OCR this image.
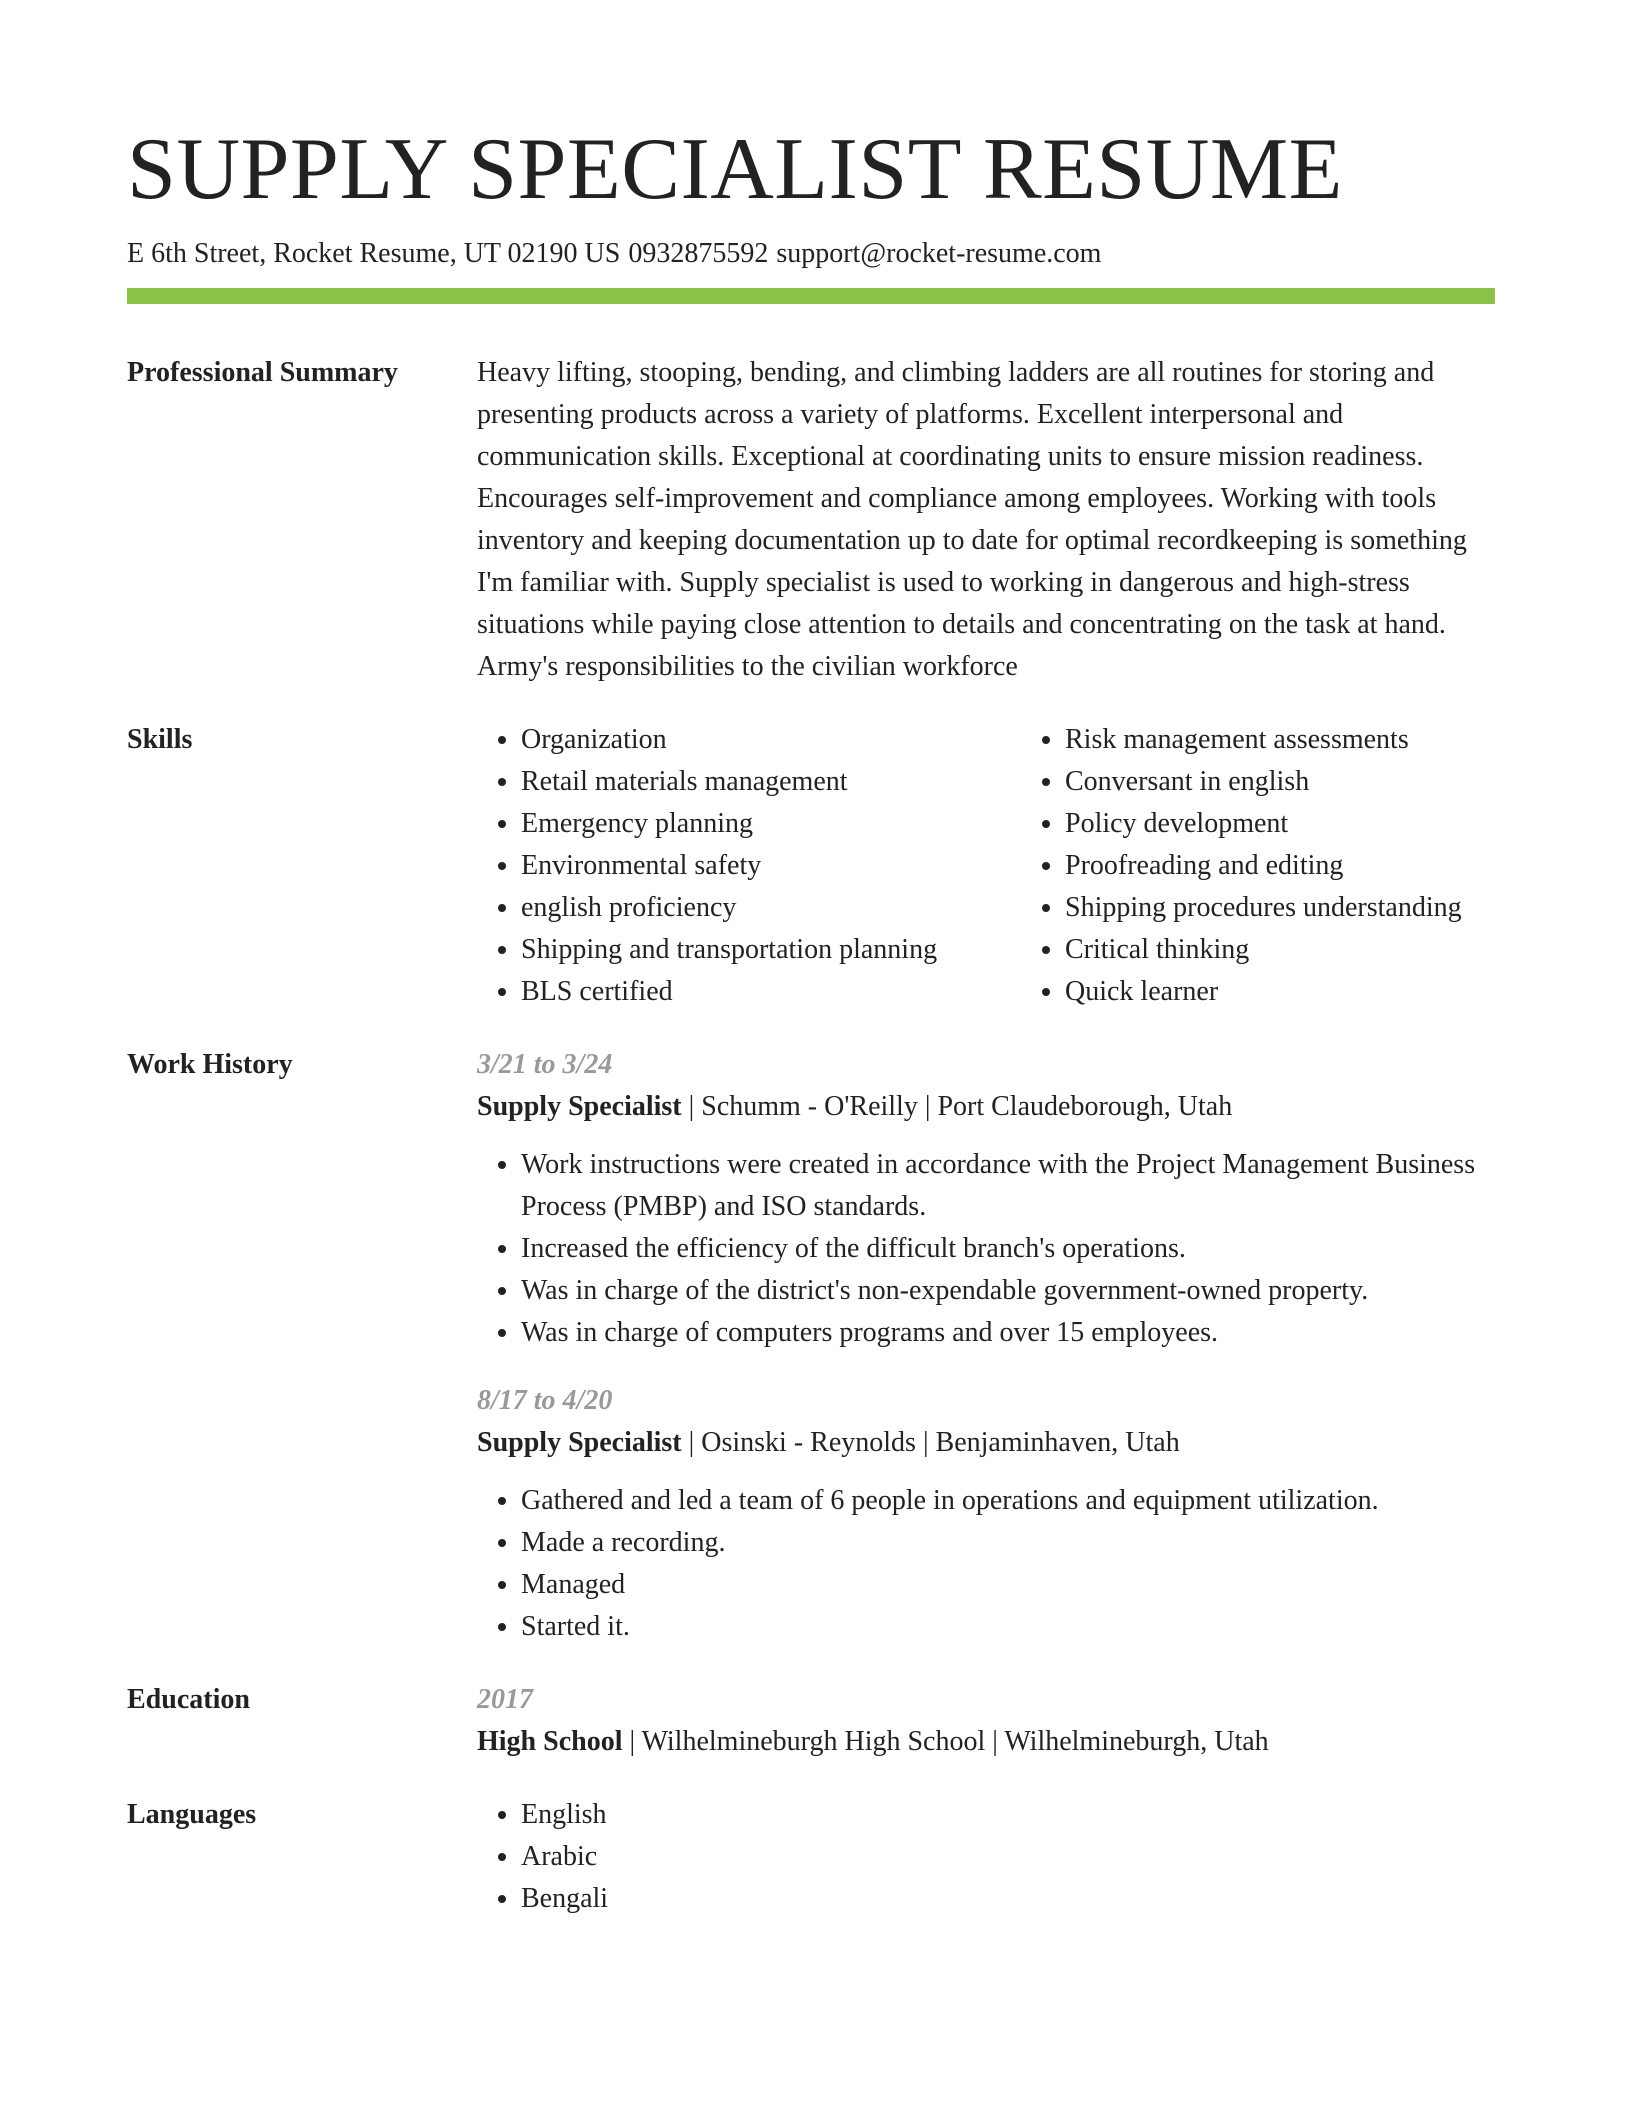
SUPPLY SPECIALIST RESUME
E 6th Street, Rocket Resume, UT 02190 US 0932875592 support@rocket-resume.com
Professional Summary	Heavy lifting, stooping, bending, and climbing ladders are all routines for storing and presenting products across a variety of platforms. Excellent interpersonal and communication skills. Exceptional at coordinating units to ensure mission readiness. Encourages self-improvement and compliance among employees. Working with tools inventory and keeping documentation up to date for optimal recordkeeping is something I'm familiar with. Supply specialist is used to working in dangerous and high-stress situations while paying close attention to details and concentrating on the task at hand. Army's responsibilities to the civilian workforce
Skills	• Organization
• Retail materials management
• Emergency planning
• Environmental safety
• english proficiency
• Shipping and transportation planning
• BLS certified
• Risk management assessments
• Conversant in english
• Policy development
• Proofreading and editing
• Shipping procedures understanding
• Critical thinking
• Quick learner
Work History	3/21 to 3/24
Supply Specialist | Schumm - O'Reilly | Port Claudeborough, Utah
• Work instructions were created in accordance with the Project Management Business Process (PMBP) and ISO standards.
• Increased the efficiency of the difficult branch's operations.
• Was in charge of the district's non-expendable government-owned property.
• Was in charge of computers programs and over 15 employees.
8/17 to 4/20
Supply Specialist | Osinski - Reynolds | Benjaminhaven, Utah
• Gathered and led a team of 6 people in operations and equipment utilization.
• Made a recording.
• Managed
• Started it.
Education	2017
High School | Wilhelmineburgh High School | Wilhelmineburgh, Utah
Languages	• English
• Arabic
• Bengali
